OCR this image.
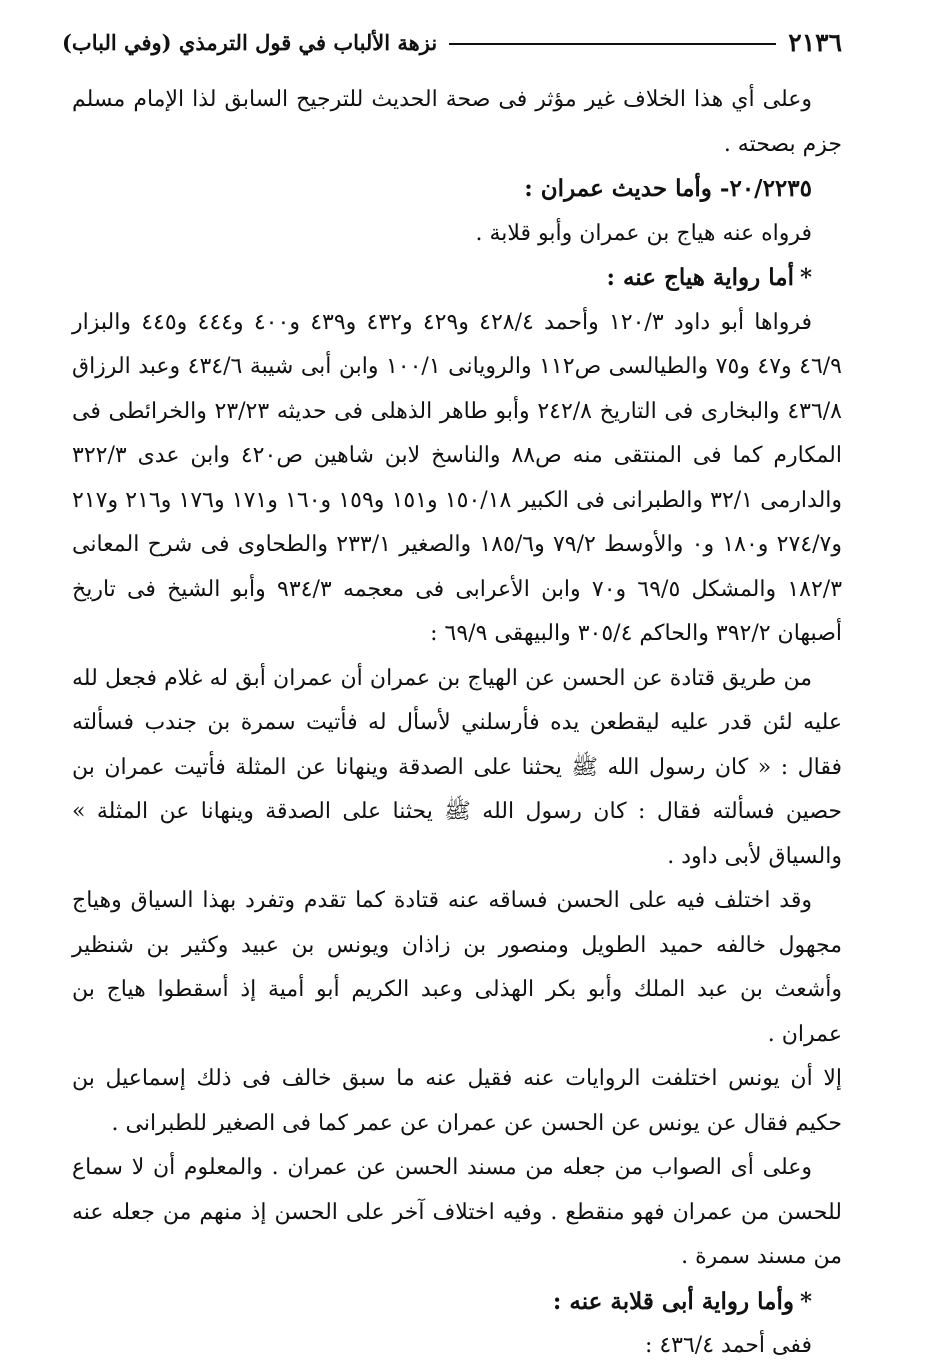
٢١٣٦
نزهة الألباب في قول الترمذي (وفي الباب)

وعلى أي هذا الخلاف غير مؤثر فى صحة الحديث للترجيح السابق لذا الإمام مسلم جزم بصحته .

٢٠/٢٢٣٥- وأما حديث عمران :

فرواه عنه هياج بن عمران وأبو قلابة .

*أما رواية هياج عنه :

فرواها أبو داود ١٢٠/٣ وأحمد ٤٢٨/٤ و٤٢٩ و٤٣٢ و٤٣٩ و٤٠٠ و٤٤٤ و٤٤٥ والبزار ٤٦/٩ و٤٧ و٧٥ والطيالسى ص١١٢ والرويانى ١٠٠/١ وابن أبى شيبة ٤٣٤/٦ وعبد الرزاق ٤٣٦/٨ والبخارى فى التاريخ ٢٤٢/٨ وأبو طاهر الذهلى فى حديثه ٢٣/٢٣ والخرائطى فى المكارم كما فى المنتقى منه ص٨٨ والناسخ لابن شاهين ص٤٢٠ وابن عدى ٣٢٢/٣ والدارمى ٣٢/١ والطبرانى فى الكبير ١٥٠/١٨ و١٥١ و١٥٩ و١٦٠ و١٧١ و١٧٦ و٢١٦ و٢١٧ و٢٧٤/٧ و١٨٠ و٠ والأوسط ٧٩/٢ و١٨٥/٦ والصغير ٢٣٣/١ والطحاوى فى شرح المعانى ١٨٢/٣ والمشكل ٦٩/٥ و٧٠ وابن الأعرابى فى معجمه ٩٣٤/٣ وأبو الشيخ فى تاريخ أصبهان ٣٩٢/٢ والحاكم ٣٠٥/٤ والبيهقى ٦٩/٩ :

من طريق قتادة عن الحسن عن الهياج بن عمران أن عمران أبق له غلام فجعل لله عليه لئن قدر عليه ليقطعن يده فأرسلني لأسأل له فأتيت سمرة بن جندب فسألته فقال : « كان رسول الله ﷺ يحثنا على الصدقة وينهانا عن المثلة فأتيت عمران بن حصين فسألته فقال : كان رسول الله ﷺ يحثنا على الصدقة وينهانا عن المثلة » والسياق لأبى داود .

وقد اختلف فيه على الحسن فساقه عنه قتادة كما تقدم وتفرد بهذا السياق وهياج مجهول خالفه حميد الطويل ومنصور بن زاذان ويونس بن عبيد وكثير بن شنظير وأشعث بن عبد الملك وأبو بكر الهذلى وعبد الكريم أبو أمية إذ أسقطوا هياج بن عمران .

إلا أن يونس اختلفت الروايات عنه فقيل عنه ما سبق خالف فى ذلك إسماعيل بن حكيم فقال عن يونس عن الحسن عن عمران عن عمر كما فى الصغير للطبرانى .

وعلى أى الصواب من جعله من مسند الحسن عن عمران . والمعلوم أن لا سماع للحسن من عمران فهو منقطع . وفيه اختلاف آخر على الحسن إذ منهم من جعله عنه من مسند سمرة .

*وأما رواية أبى قلابة عنه :

ففى أحمد ٤٣٦/٤ :
